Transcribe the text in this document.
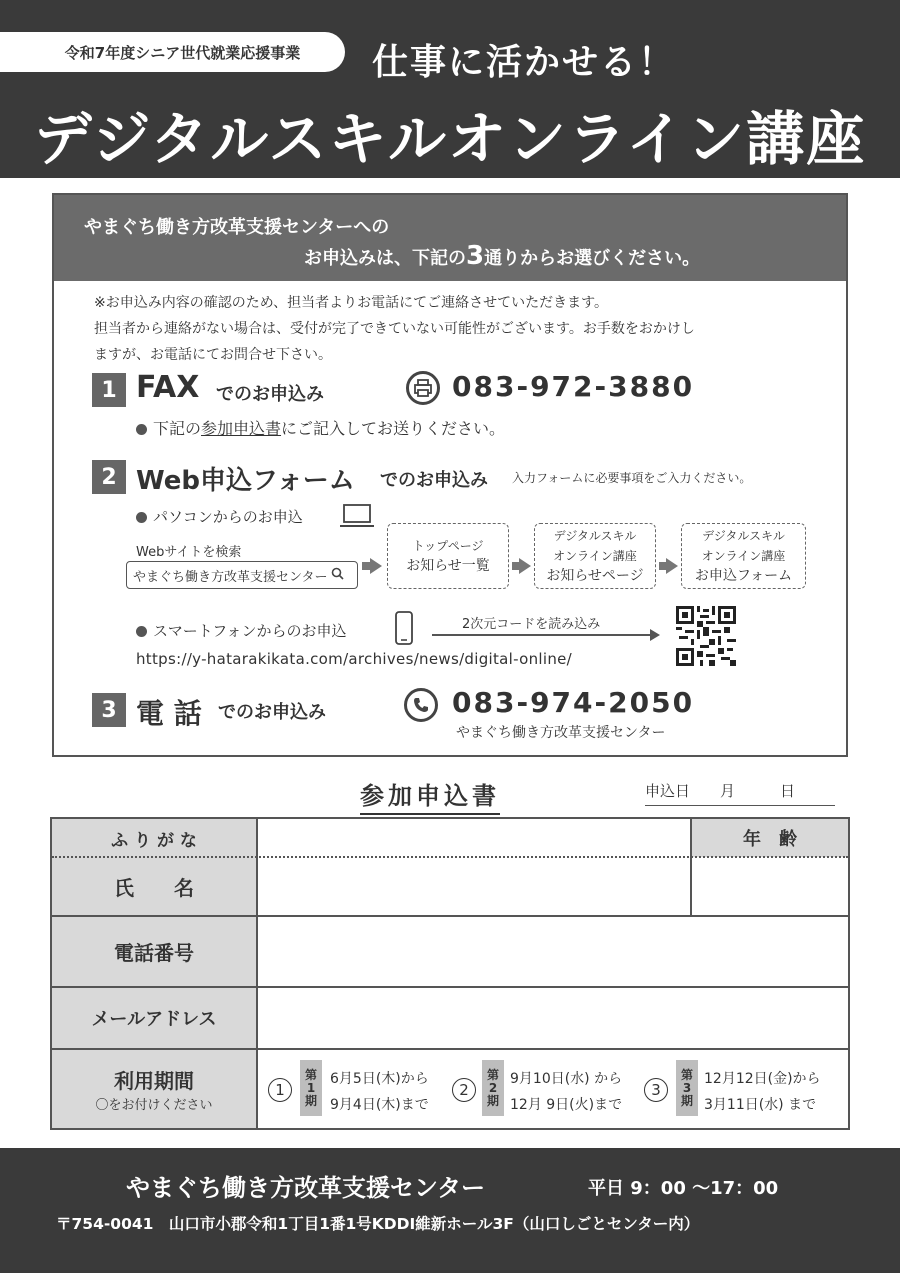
令和7年度シニア世代就業応援事業	仕事に活かせる！
デジタルスキルオンライン講座
やまぐち働き方改革支援センターへの
お申込みは、下記の3通りからお選びください。
※お申込み内容の確認のため、担当者よりお電話にてご連絡させていただきます。
担当者から連絡がない場合は、受付が完了できていない可能性がございます。お手数をおかけし
ますが、お電話にてお問合せ下さい。
1 FAX でのお申込み	083-972-3880
下記の参加申込書にご記入してお送りください。
2 Web申込フォーム でのお申込み 入力フォームに必要事項をご入力ください。
パソコンからのお申込
Webサイトを検索
やまぐち働き方改革支援センター
トップページ
お知らせ一覧
デジタルスキル
オンライン講座
お知らせページ
デジタルスキル
オンライン講座
お申込フォーム
スマートフォンからのお申込	2次元コードを読み込み
https://y-hatarakikata.com/archives/news/digital-online/
3 電 話 でのお申込み	083-974-2050
やまぐち働き方改革支援センター
参加申込書	申込日　　月　　　日
ふ り が な
氏　　名
年　齢
電話番号
メールアドレス
利用期間
〇をお付けください
1
第
1
期
6月5日(木)から
9月4日(木)まで
2
第
2
期
9月10日(水) から
12月 9日(火)まで
3
第
3
期
12月12日(金)から
3月11日(水) まで
やまぐち働き方改革支援センター	平日 9：00 ～17：00
〒754-0041　山口市小郡令和1丁目1番1号KDDI維新ホール3F（山口しごとセンター内）
